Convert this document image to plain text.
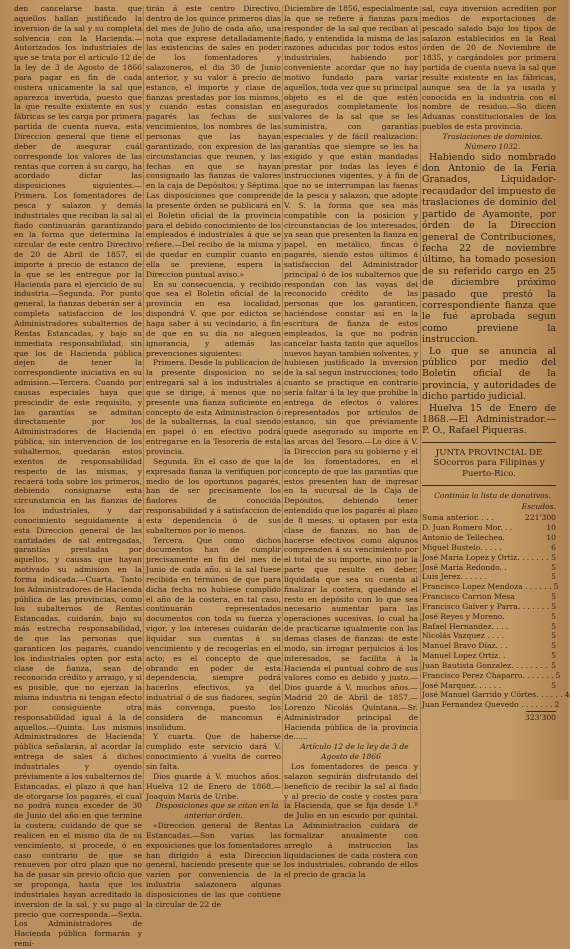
den cancelarse hasta que aquellos hallan justificado la inversion de la sal y su completa solvencia con la Hacienda.—Autorizados los industriales de que se trata por el artículo 12 de la ley de 3 de Agosto de 1866 para pagar en fin de cada costera unicamente la sal que aparezca invertida, puesto que la que resulte existente en sus fábricas se les carga por primera partida de cuenta nueva, esta Direccion general que tiene el deber de asegurar cuál corresponde los valores de las rentas que corren á su cargo, ha acordado dictar las disposiciones siguientes.—Primera. Los fomentadores de pesca y salazon y demás industriales que reciban la sal al fiado continuarán garantizando en la forma que determina la circular de este centro Directivo de 20 de Abril de 1857, el importe á precio de estanco de la que se les entregue por la Hacienda para el ejercicio de su industria.—Segunda. Por punto general, la fianzas deberán ser á completa satisfaccion de los Administradores subalternos de Rentas Estancadas, y bajo su inmediata responsabilidad, sin que los de Hacienda pública dejen de tener la correspondiente iniciativa en su admision.—Tercera. Cuando por causas especiales haya que prescindir de este requisito, y las garantías se admitan directamente por los Administradores de Hacienda pública, sin intervencion de los subalternos, quedarán estos exentos de responsabilidad respecto de las mismas, y recaerá toda sobre los primeros, debiendo consignarse esta circunstancia en las fianzas de los industriales, y dar conocimiento seguidamente á esta Direccion general de las cantidades de sal entregadas, garantías prestadas por aquellos, y causas que hayan motivado su admision en la forma indicada.—Cuarta. Tanto los Administradores de Hacienda pública de las provincias, como los subalternos de Rentas Estancadas, cuidarán, bajo su más estrecha responsabilidad, de que las personas que garanticen los pagarés, cuando los industriales opten por esta clase de fianza, sean de reconocido crédito y arraigo, y si es posible, que no ejerzan la misma industria ni tengan efecto por consiguiente otra responsabilidad igual á la de aquellos.—Quinta. Los mismos Administradores de Hacienda pública señalarán, al acordar la entrega de sales á dichos industriales y oyendo préviamente á los subalternos de Estancadas, el plazo á que han de otorgarse los pagarés, el cual no podrá nunca exceder de 30 de Junio del año en que termine la costera; cuidando de que se realicen en el mismo dia de su vencimiento, si procede, ó en caso contrario de que se renueven por otro plazo que no ha de pasar sin previo oficio que se proponga, hasta que los industriales hayan acreditado la inversion de la sal, y su pago al precio que corresponda.—Sexta. Los Administradores de Hacienda pública formarán y remi-

tirán á este centro Directivo, dentro de los quince primeros dias del mes de Julio de cada año, una nota que exprese detalladamente las existencias de sales en poder de los fomentadores y salazoneros, el dia 30 de Junio anterior, y su valor á precio de estanco, el importe y clase de fianzas prestadas por los mismos, y cuando estas consistan en pagarés las fechas de sus vencimientos, los nombres de las personas que las hayan garantizado, con expresion de las circunstancias que reunen, y las fechas en que se hayan consignado las fianzas de valores en la caja de Depósitos; y Séptima. Las disposiciones que comprende la presente órden se publicará en el Boletin oficial de la provincia para el debido conocimiento de los empleados é industriales á que se refiere.—Del recibo de la misma y de quedar en cumplir cuanto en ella se previene, espera la Direccion puntual aviso.»

En su consecuencia, y recibido que sea el Boletin oficial de la provincia en esa localidad, dispondrá V. que por edictos se haga saber á su vecindario, á fin de que en su dia no aleguen ignorancia, y además las prevenciones siguientes:

Primera. Desde la publicacion de la presente disposicion no se entregará sal á los industriales á que se dirige, á menos que no presente una fianza suficiente en concepto de esta Administracion ó de la subalternas, la cual siendo en papel ó en efectivo podrá entregarse en la Tesorería de esta provincia.

Segunda. En el caso de que la expresada fianza la verifiquen por medio de los oportunos pagarés, han de ser precisamente los fiadores de conocida responsabilidad y á satisfaccion de esta dependencia ó de sus subalternos por lo menos.

Tercera. Que como dichos documentos han de cumplir precisamente en fin del mes de Junio de cada año, si la sal fuese recibida en términos de que para dicha fecha no hubiese cumplido el año de la costera, en tal caso, continuarán representados documentos con toda su fuerza y vigor, y los intereses cuidarán de liquidar sus cuentas á su vencimiento y de recogerlas en el acto; es el concepto de que obrando en poder de esta dependencia, siempre podrá hacerlos efectivos, ya del industrial ó de sus fiadores, según más convenga, puesto los considera de mancomun é insolidum.

Y cuarta. Que de haberse cumplido este servicio dará V. conocimiento á vuelta de correo sin falta.

Dios guarde á V. muchos años. Huelva 12 de Enero de 1868.—Joaquin María de Uribe.

Disposiciones que se citan en la anterior órden.

«Direccion general de Rentas Estancadas.—Son varias las exposiciones que los fomentadores han dirigido á esta Direccion general, haciendo presente que se varíen por conveniencia de la industria salazonera algunas disposiciones de las que contiene la circular de 22 de

Diciembre de 1856, especialmente la que se refiere á fianzas para responder de la sal que reciban al fiado, y entendida la misma de las razones aducidas por todos estos industriales, habiendo por conveniente acordar que no hay motivo fundado para variar aquellos, toda vez que su principal objeto es el de que estén asegurados completamente los valores de la sal que se les suministra, con garantías especiales y de fácil realizacion: garantías que siempre se les ha exigido y que están mandadas prestar por todas las leyes é instrucciones vigentes, y á fin de que no se interrumpan las faenas de la pesca y salazon, que adopte V. S. la forma que sea más compatible con la posicion y circunstancias de los interesados, ya sean que presenten la fianza en papel, en metálico, fincas ó pagarés, siendo estos últimos á satisfaccion del Administrador principal ó de los subalternos que respondan con las voyas del reconocido crédito de las personas que los garanticen, haciéndose constar así en la escritura de fianza de estos empleados, la que no podrán cancelar hasta tanto que aquellos nuevos hayan también solventes, y hubiesen justificado la inversion de la sal segun instrucciones; todo cuanto se practique en contrario sería faltar á la ley que prohibe la entrega de efectos ó valores representados por artículos de estanco, sin que préviamente quede asegurado su importe en las arcas del Tesoro.—Lo dice á V. la Direccion para su gobierno y el de los fomentadores, en el concepto de que las garantías que estos presenten han de ingresar en la sucursal de la Caja de Depósitos, debiendo tener entendido que los pagarés al plazo de 8 meses, si optasen por esta clase de fianzas, no han de hacerse efectivos como algunos comprenden á su vencimiento por el total de su importe, sino por la parte que resulte en deber, liquidada que sea su cuenta al finalizar la costera, quedando el resto en depósito con lo que sea necesario aumentar para las operaciones sucesivas, lo cual ha de practicarse igualmente con las demas clases de fianzas: de este modo, sin irrogar perjuicios á los interesados, se facilita á la Hacienda el puntual cobro de sus valores como es debido y justo.—Dios guarde á V. muchos años.—Madrid 20 de Abril de 1857.—Lorenzo Nicolás Quintana.—Sr. Administrador principal de Hacienda pública de la provincia de......

Artículo 12 de la ley de 3 de Agosto de 1866

Los fomentadores de pesca y salazon seguirán disfrutando del beneficio de recibir la sal al fiado y al precio de coste y costes para la Hacienda, que se fija desde 1.º de Julio en un escudo por quintal. La Administracion cuidará de formalizar anualmente con arreglo á instruccion las liquidaciones de cada costera con los industriales, cobrando de ellos el precio de gracia la

sal, cuya inversion acrediten por medios de exportaciones de pescado salado bajo los tipos de salazon establecidos en la Real órden de 20 de Noviembre de 1835, y cargándoles por primera partida de cuenta nueva la sal que resulte existente en las fábricas, aunque sea de la ya usada y conocida en la industria con el nombre de residuo.—So dicen Aduanas constitucionales de los pueblos de esta provincia.

Traslaciones de dominios.

Número 1032.

Habiendo sido nombrado don Antonio de la Feria Granados, Liquidador-recaudador del impuesto de traslaciones de dominio del partido de Ayamonte, por órden de la Direccion general de Contribuciones, fecha 22 de noviembre último, ha tomado posesion de su referido cargo en 25 de diciembre próximo pasado que prestó la correspondiente fianza que le fué aprobada segun como previene la instruccion.

Lo que se anuncia al público por medio del Boletin oficial de la provincia, y autoridades de dicho partido judicial.

Huelva 15 de Enero de 1868.—El Administrador.—P. O., Rafael Piqueras.

JUNTA PROVINCIAL DE SOcorros para Filipinas y Puerto-Rico.

Continúa la lista de donativos.

Escudos.
Suma anterior. . . .	221'300
D. Juan Romero Mor. . .	10
Antonio de Tellechea.	10
Miguel Bustelo. . . . .	6
José María Lopez y Ortiz. . . . . . . 5
José María Redondo. .	5
Luis Jerez. . . . . .	5
Francisco Lopez Mendoza . . . . . . 5
Francisco Carrion Mesa	5
Francisco Galver y Parra. . . . . . . 5
José Reyes y Moreno.	5
Rafael Hernandez. . . .	5
Nicolás Vazquez . . . .	5
Manuel Bravo Díaz. . .	5
Manuel Lopez Ortiz. .	5
Juan Bautista Gonzalez. . . . . . . . 5
Francisco Perez Chaparro. . . . . . . 5
José Marquez. . . . . .	5
José Manuel Garrido y Córtes. . . . . . 4
Juan Fernandez Quevedo . . . . . . . 2
323'300
